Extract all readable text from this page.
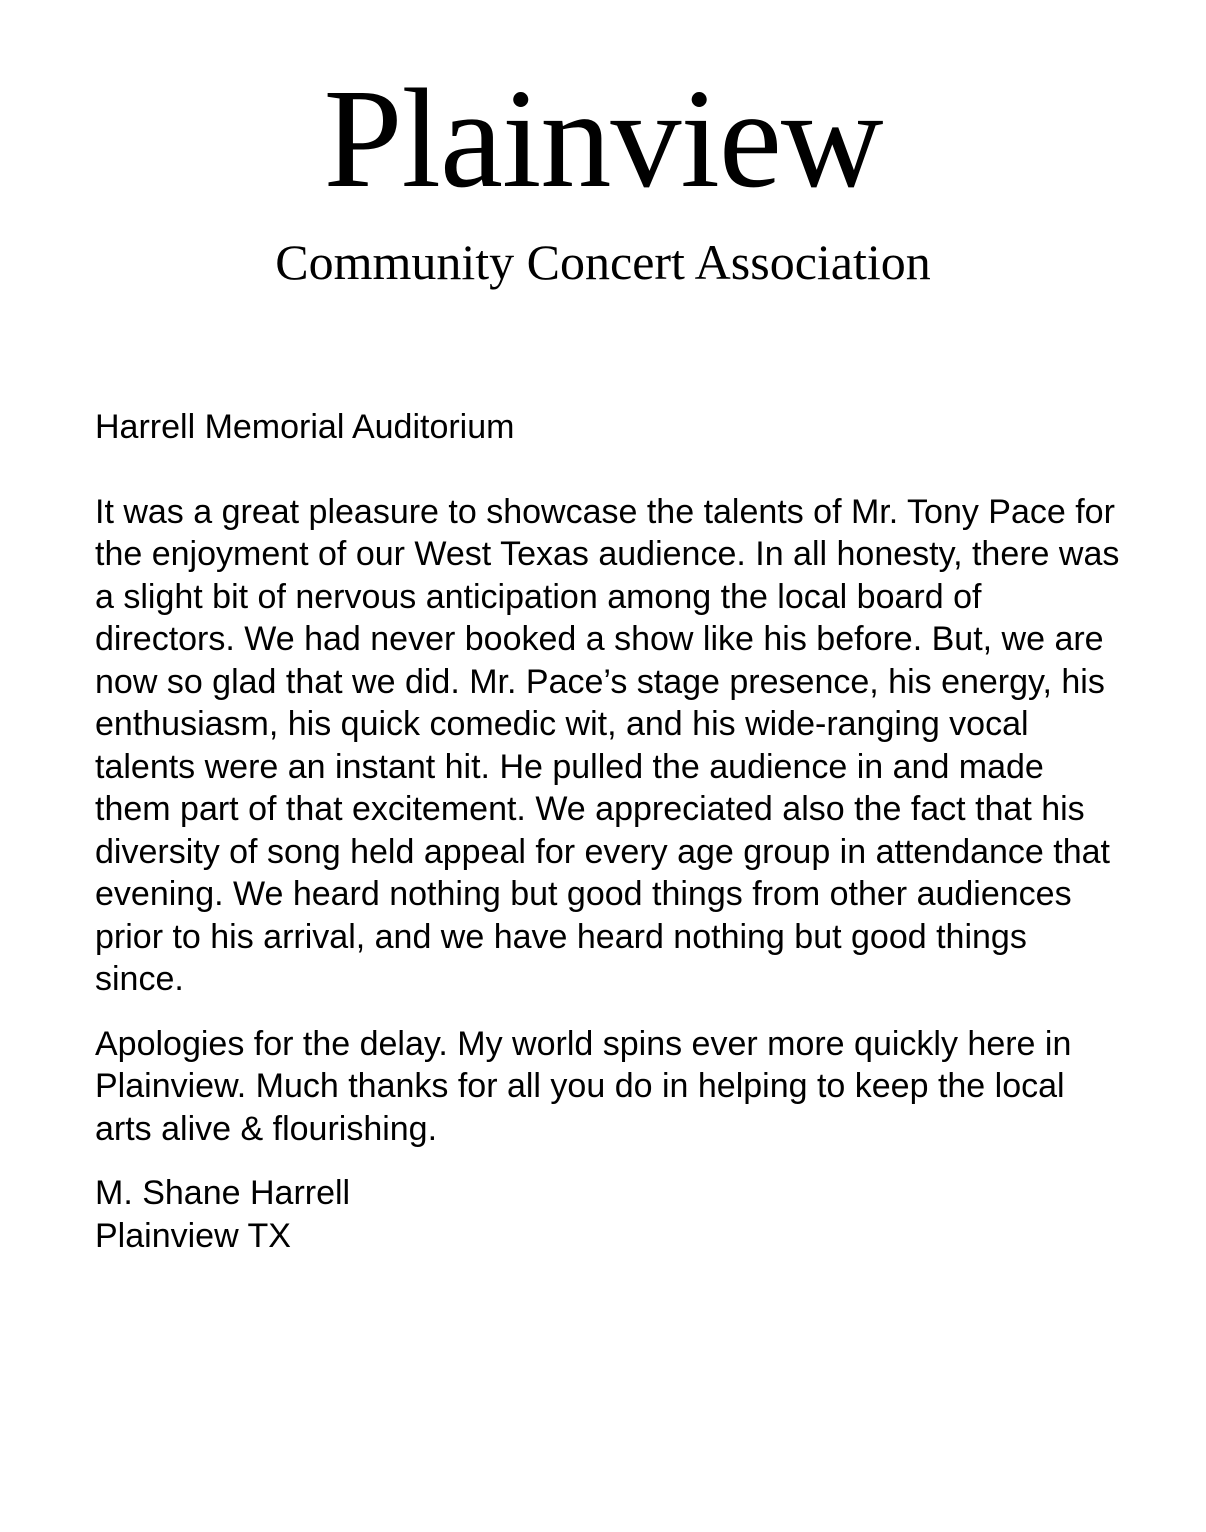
Plainview
Community Concert Association

Harrell Memorial Auditorium

It was a great pleasure to showcase the talents of Mr. Tony Pace for the enjoyment of our West Texas audience. In all honesty, there was a slight bit of nervous anticipation among the local board of directors. We had never booked a show like his before. But, we are now so glad that we did. Mr. Pace’s stage presence, his energy, his enthusiasm, his quick comedic wit, and his wide-ranging vocal talents were an instant hit. He pulled the audience in and made them part of that excitement. We appreciated also the fact that his diversity of song held appeal for every age group in attendance that evening. We heard nothing but good things from other audiences prior to his arrival, and we have heard nothing but good things since.

Apologies for the delay. My world spins ever more quickly here in Plainview. Much thanks for all you do in helping to keep the local arts alive & flourishing.

M. Shane Harrell
Plainview TX
